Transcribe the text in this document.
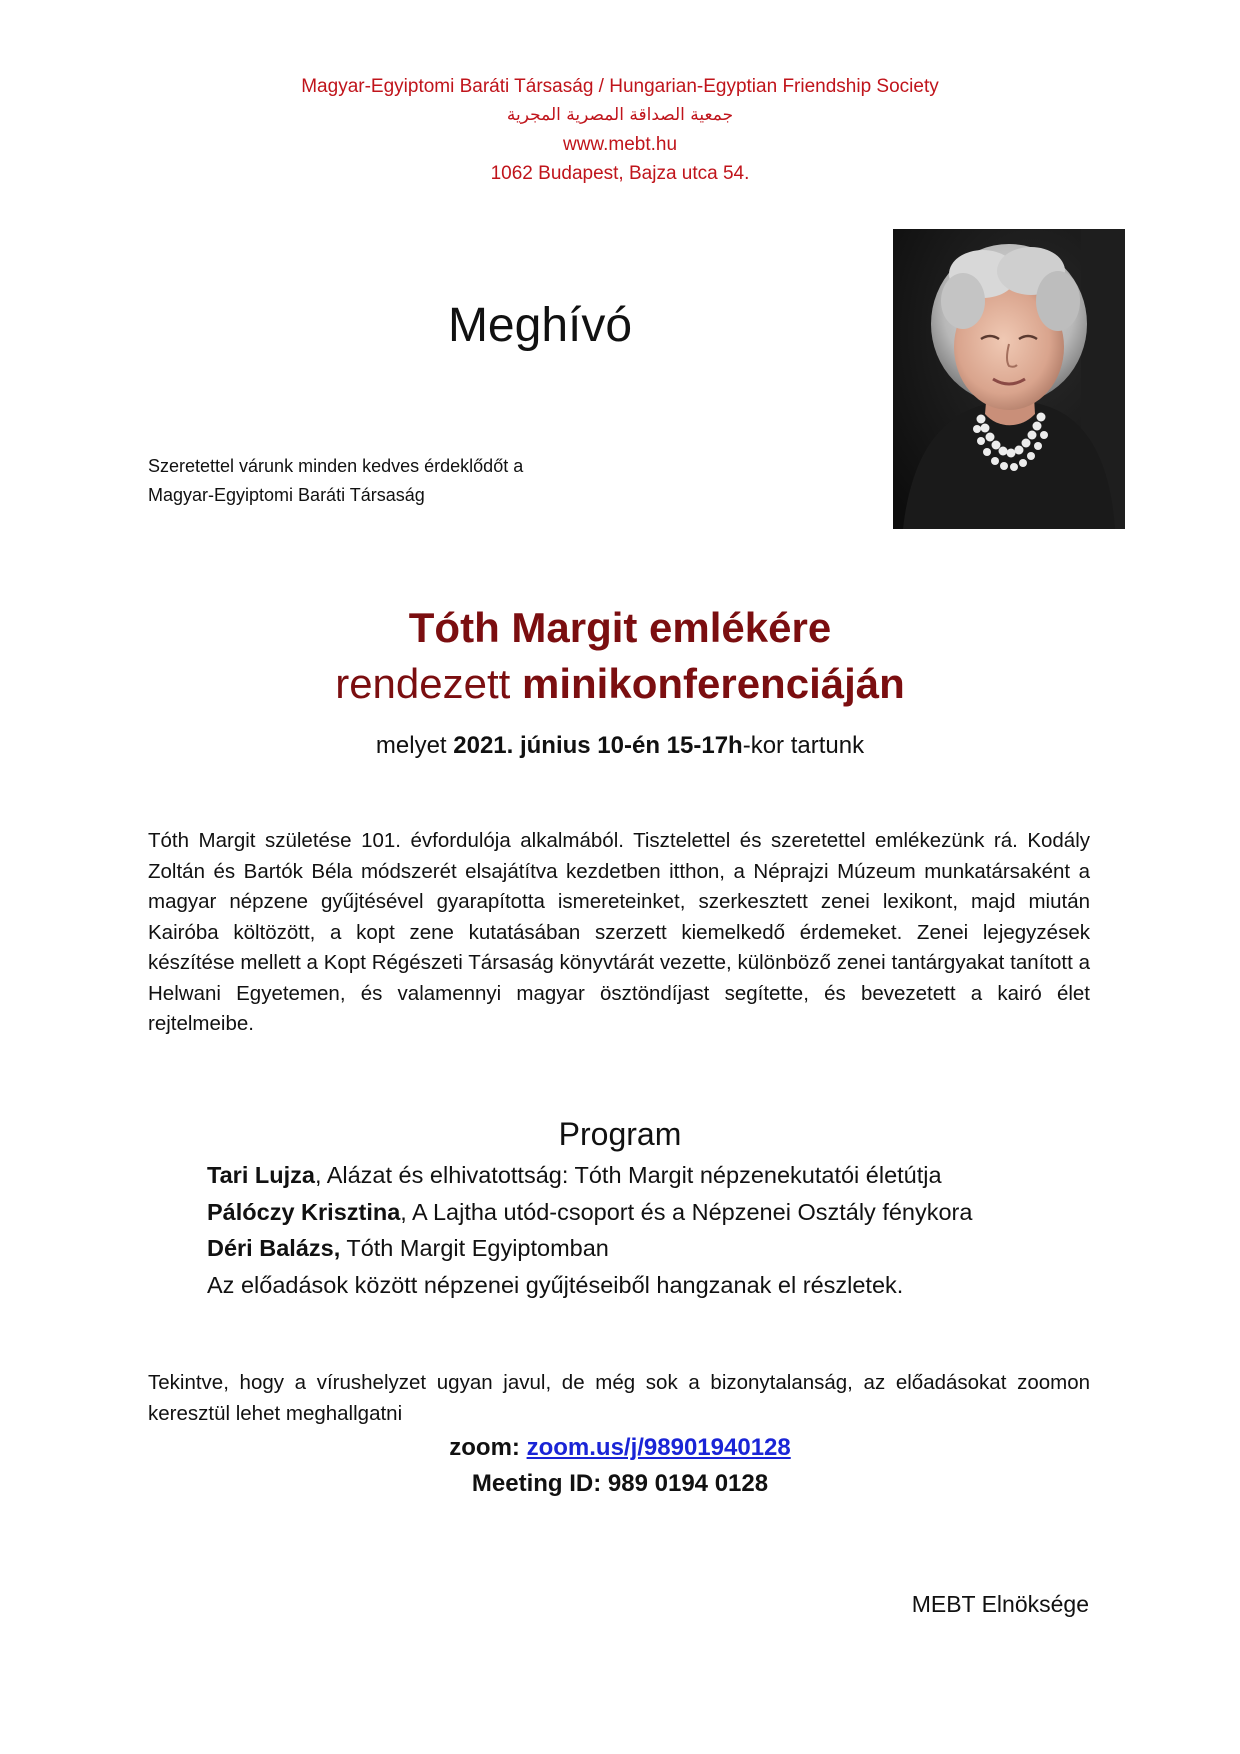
Magyar-Egyiptomi Baráti Társaság / Hungarian-Egyptian Friendship Society
جمعية الصداقة المصرية المجرية
www.mebt.hu
1062 Budapest, Bajza utca 54.
Meghívó
Szeretettel várunk minden kedves érdeklődőt a
Magyar-Egyiptomi Baráti Társaság
Tóth Margit emlékére
rendezett minikonferenciáján
melyet 2021. június 10-én 15-17h-kor tartunk
Tóth Margit születése 101. évfordulója alkalmából. Tisztelettel és szeretettel emlékezünk rá. Kodály Zoltán és Bartók Béla módszerét elsajátítva kezdetben itthon, a Néprajzi Múzeum munkatársaként a magyar népzene gyűjtésével gyarapította ismereteinket, szerkesztett zenei lexikont, majd miután Kairóba költözött, a kopt zene kutatásában szerzett kiemelkedő érdemeket. Zenei lejegyzések készítése mellett a Kopt Régészeti Társaság könyvtárát vezette, különböző zenei tantárgyakat tanított a Helwani Egyetemen, és valamennyi magyar ösztöndíjast segítette, és bevezetett a kairó élet rejtelmeibe.
Program
Tari Lujza, Alázat és elhivatottság: Tóth Margit népzenekutatói életútja
Pálóczy Krisztina, A Lajtha utód-csoport és a Népzenei Osztály fénykora
Déri Balázs, Tóth Margit Egyiptomban
Az előadások között népzenei gyűjtéseiből hangzanak el részletek.
Tekintve, hogy a vírushelyzet ugyan javul, de még sok a bizonytalanság, az előadásokat zoomon keresztül lehet meghallgatni
zoom: zoom.us/j/98901940128
Meeting ID: 989 0194 0128
MEBT Elnöksége
